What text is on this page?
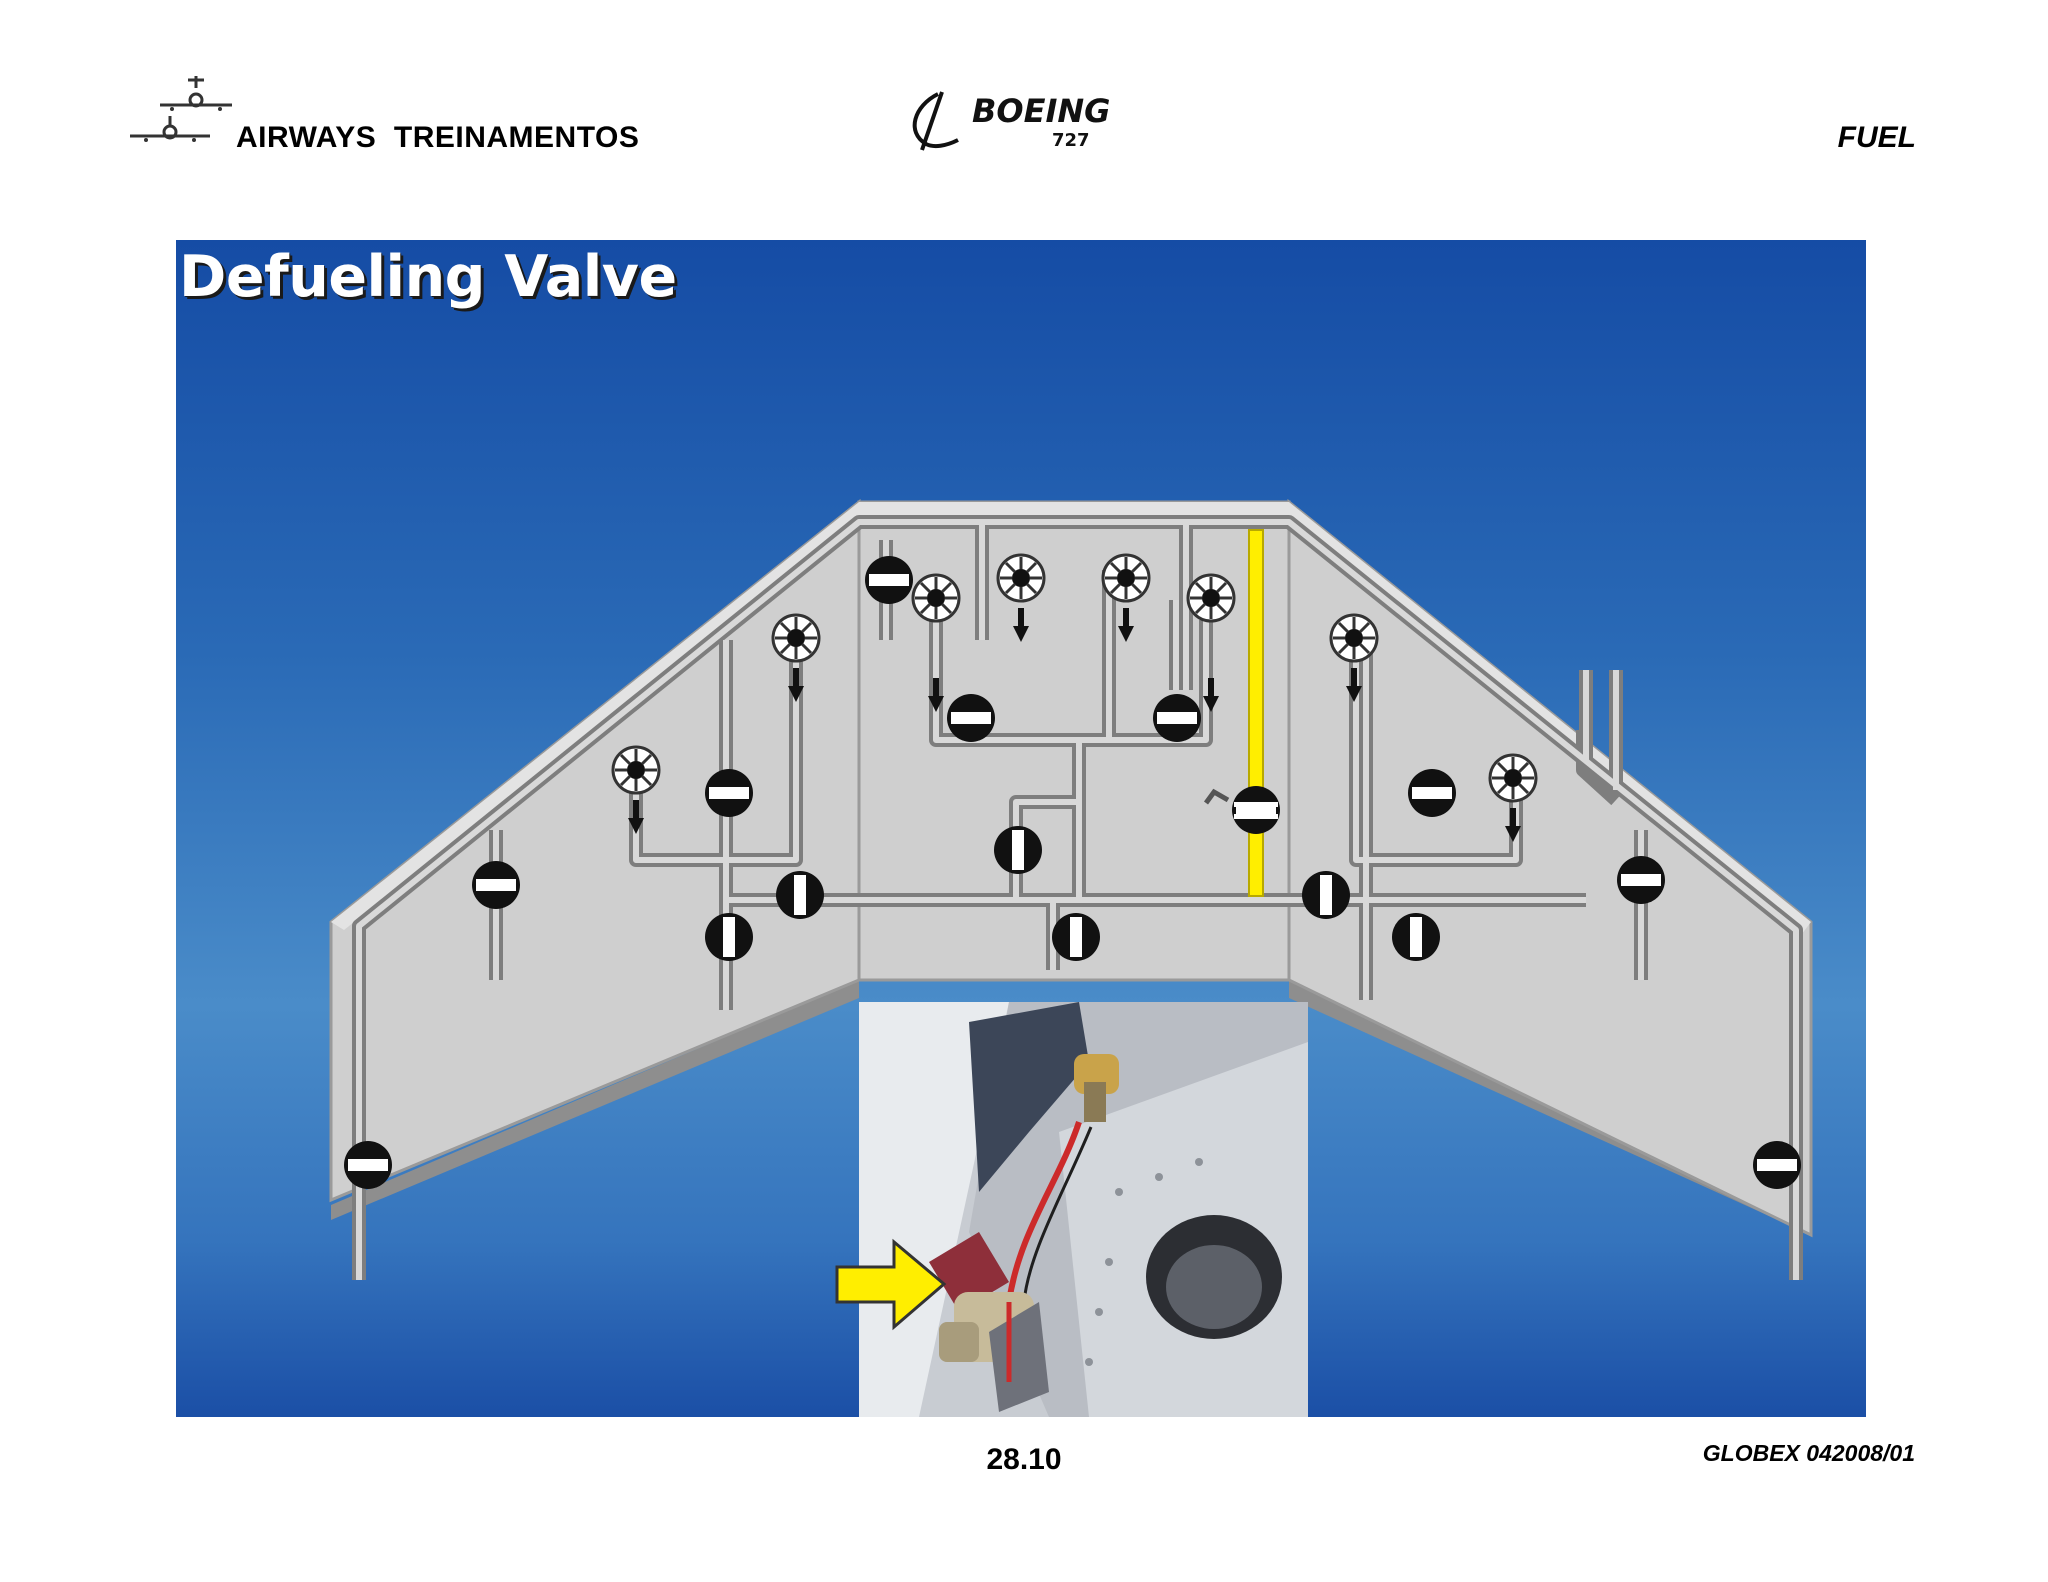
AIRWAYS  TREINAMENTOS
BOEING
727	FUEL
Defueling Valve
28.10	GLOBEX 042008/01
